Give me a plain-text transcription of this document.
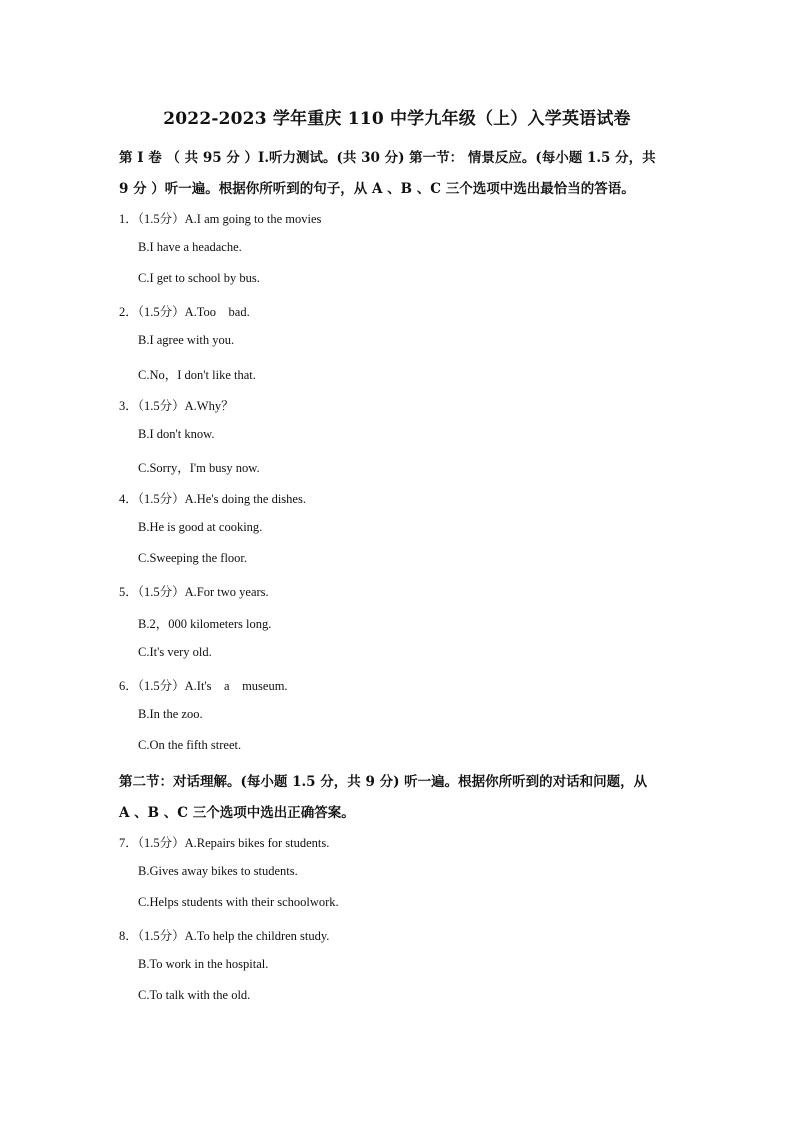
2022-2023 学年重庆 110 中学九年级（上）入学英语试卷

第 I 卷 （ 共 95 分 ）I.听力测试。(共 30 分) 第一节： 情景反应。(每小题 1.5 分，共

9 分 ）听一遍。根据你所听到的句子，从 A 、B 、C 三个选项中选出最恰当的答语。

1．（1.5分）A.I am going to the movies

B.I have a headache.

C.I get to school by bus.

2．（1.5分）A.Too    bad.

B.I agree with you.

C.No，I don't like that.

3．（1.5分）A.Why？

B.I don't know.

C.Sorry，I'm busy now.

4．（1.5分）A.He's doing the dishes.

B.He is good at cooking.

C.Sweeping the floor.

5．（1.5分）A.For two years.

B.2，000 kilometers long.

C.It's very old.

6．（1.5分）A.It's    a    museum.

B.In the zoo.

C.On the fifth street.

第二节：对话理解。(每小题 1.5 分，共 9 分) 听一遍。根据你所听到的对话和问题，从

A 、B 、C 三个选项中选出正确答案。

7．（1.5分）A.Repairs bikes for students.

B.Gives away bikes to students.

C.Helps students with their schoolwork.

8．（1.5分）A.To help the children study.

B.To work in the hospital.

C.To talk with the old.
